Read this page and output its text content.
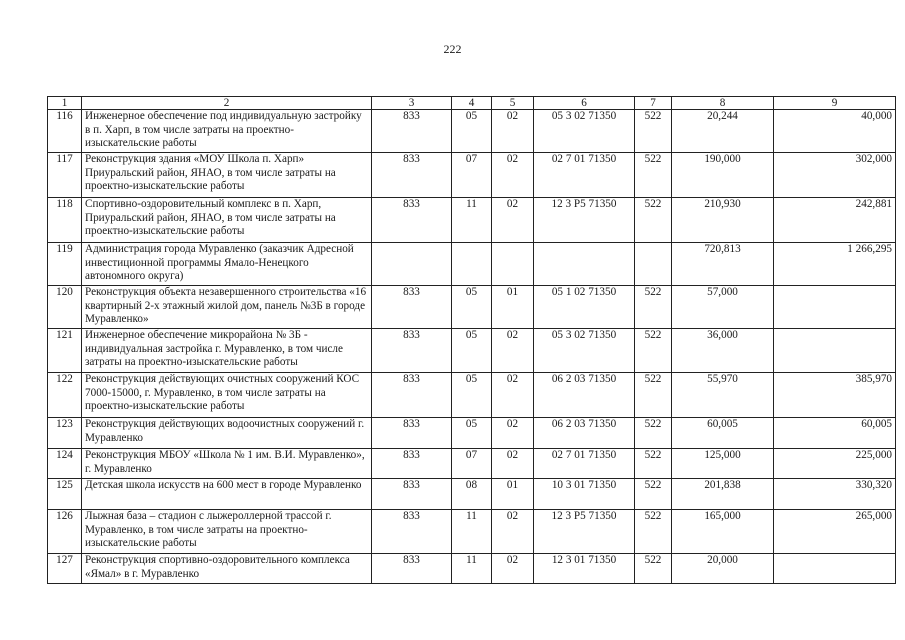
222
1	2	3	4	5	6	7	8	9
116	Инженерное обеспечение под индивидуальную застройку в п. Харп, в том числе затраты на проектно-изыскательские работы	833	05	02	05 3 02 71350	522	20,244	40,000
117	Реконструкция здания «МОУ Школа п. Харп» Приуральский район, ЯНАО, в том числе затраты на проектно-изыскательские работы	833	07	02	02 7 01 71350	522	190,000	302,000
118	Спортивно-оздоровительный комплекс в п. Харп, Приуральский район, ЯНАО, в том числе затраты на проектно-изыскательские работы	833	11	02	12 3 P5 71350	522	210,930	242,881
119	Администрация города Муравленко (заказчик Адресной инвестиционной программы Ямало-Ненецкого автономного округа)						720,813	1 266,295
120	Реконструкция объекта незавершенного строительства «16 квартирный 2-х этажный жилой дом, панель №3Б в городе Муравленко»	833	05	01	05 1 02 71350	522	57,000	
121	Инженерное обеспечение микрорайона № 3Б - индивидуальная застройка г. Муравленко, в том числе затраты на проектно-изыскательские работы	833	05	02	05 3 02 71350	522	36,000	
122	Реконструкция действующих очистных сооружений КОС 7000-15000, г. Муравленко, в том числе затраты на проектно-изыскательские работы	833	05	02	06 2 03 71350	522	55,970	385,970
123	Реконструкция действующих водоочистных сооружений г. Муравленко	833	05	02	06 2 03 71350	522	60,005	60,005
124	Реконструкция МБОУ «Школа № 1 им. В.И. Муравленко», г. Муравленко	833	07	02	02 7 01 71350	522	125,000	225,000
125	Детская школа искусств на 600 мест в городе Муравленко	833	08	01	10 3 01 71350	522	201,838	330,320
126	Лыжная база – стадион с лыжероллерной трассой г. Муравленко, в том числе затраты на проектно-изыскательские работы	833	11	02	12 3 P5 71350	522	165,000	265,000
127	Реконструкция спортивно-оздоровительного комплекса «Ямал» в г. Муравленко	833	11	02	12 3 01 71350	522	20,000	
